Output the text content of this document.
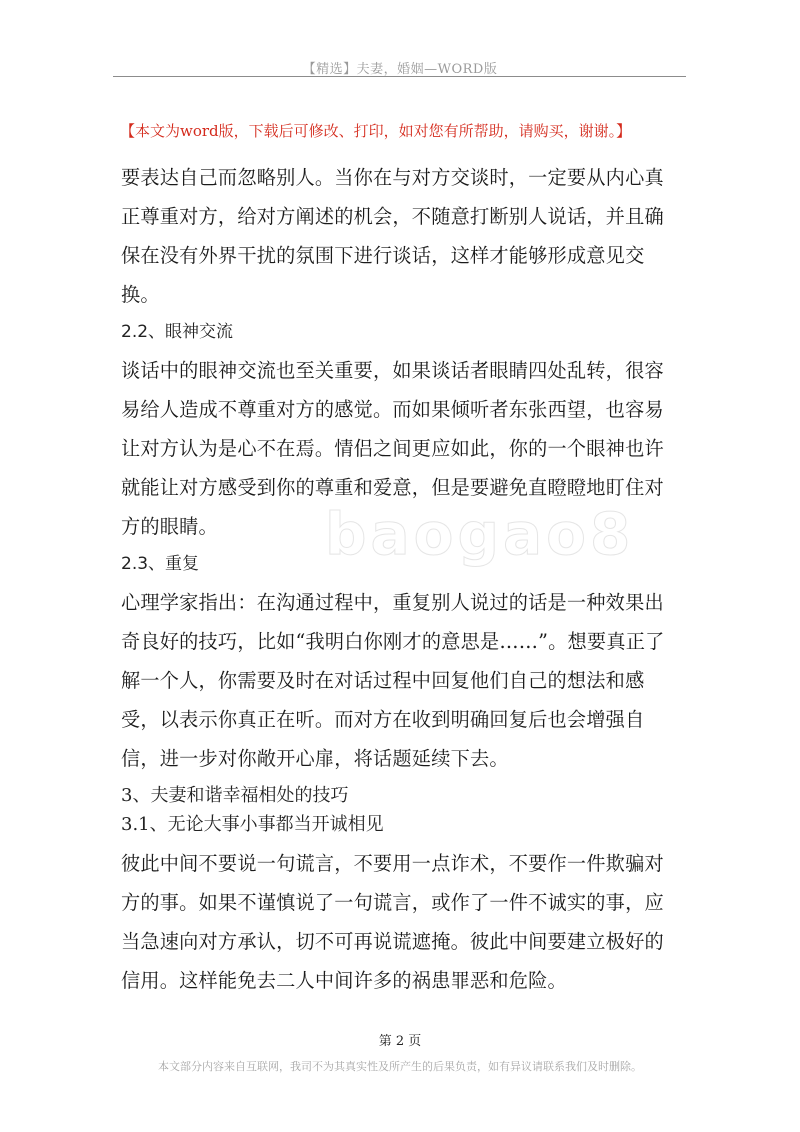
【精选】夫妻，婚姻—WORD版
【本文为word版，下载后可修改、打印，如对您有所帮助，请购买，谢谢。】
baogao8

要表达自己而忽略别人。当你在与对方交谈时，一定要从内心真正尊重对方，给对方阐述的机会，不随意打断别人说话，并且确保在没有外界干扰的氛围下进行谈话，这样才能够形成意见交换。

2.2、眼神交流

谈话中的眼神交流也至关重要，如果谈话者眼睛四处乱转，很容易给人造成不尊重对方的感觉。而如果倾听者东张西望，也容易让对方认为是心不在焉。情侣之间更应如此，你的一个眼神也许就能让对方感受到你的尊重和爱意，但是要避免直瞪瞪地盯住对方的眼睛。

2.3、重复

心理学家指出：在沟通过程中，重复别人说过的话是一种效果出奇良好的技巧，比如“我明白你刚才的意思是……”。想要真正了解一个人，你需要及时在对话过程中回复他们自己的想法和感受，以表示你真正在听。而对方在收到明确回复后也会增强自信，进一步对你敞开心扉，将话题延续下去。

3、夫妻和谐幸福相处的技巧
3.1、无论大事小事都当开诚相见

彼此中间不要说一句谎言，不要用一点诈术，不要作一件欺骗对方的事。如果不谨慎说了一句谎言，或作了一件不诚实的事，应当急速向对方承认，切不可再说谎遮掩。彼此中间要建立极好的信用。这样能免去二人中间许多的祸患罪恶和危险。

第 2 页
本文部分内容来自互联网，我司不为其真实性及所产生的后果负责，如有异议请联系我们及时删除。
